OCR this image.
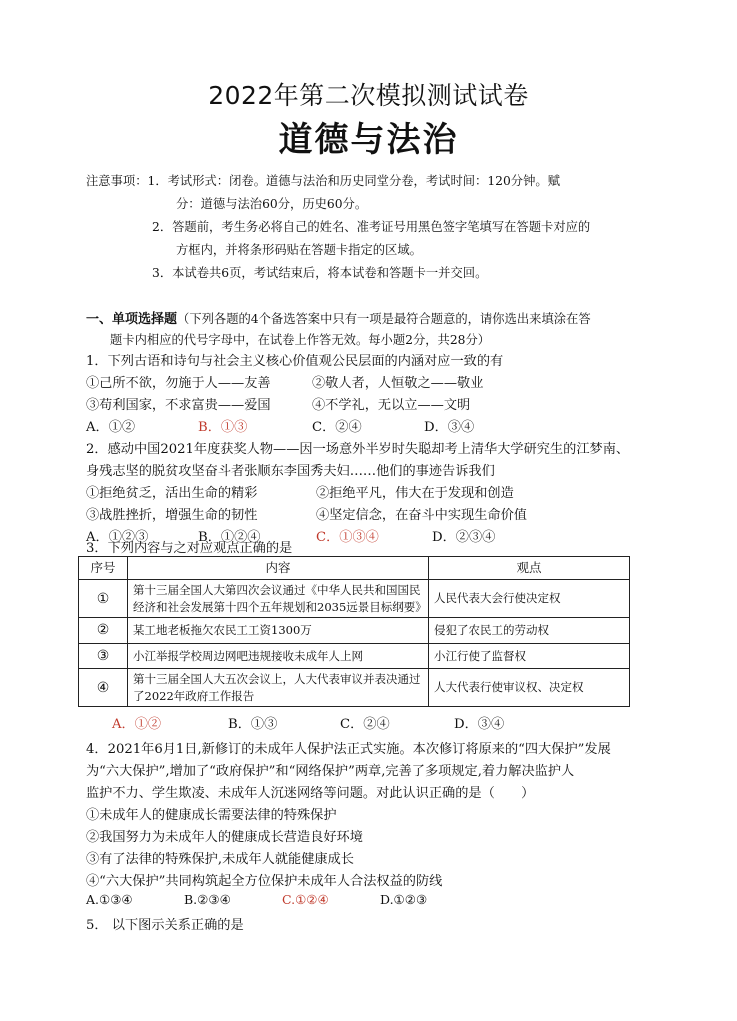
2022年第二次模拟测试试卷
道德与法治
注意事项：1．考试形式：闭卷。道德与法治和历史同堂分卷，考试时间：120分钟。赋
分：道德与法治60分，历史60分。
2．答题前，考生务必将自己的姓名、准考证号用黑色签字笔填写在答题卡对应的
方框内，并将条形码贴在答题卡指定的区域。
3．本试卷共6页，考试结束后，将本试卷和答题卡一并交回。
一、单项选择题（下列各题的4个备选答案中只有一项是最符合题意的，请你选出来填涂在答
题卡内相应的代号字母中，在试卷上作答无效。每小题2分，共28分）
1．下列古语和诗句与社会主义核心价值观公民层面的内涵对应一致的有
①己所不欲，勿施于人——友善	②敬人者，人恒敬之——敬业
③苟利国家，不求富贵——爱国	④不学礼，无以立——文明
A．①②	B．①③	C．②④	D．③④
2．感动中国2021年度获奖人物——因一场意外半岁时失聪却考上清华大学研究生的江梦南、
身残志坚的脱贫攻坚奋斗者张顺东李国秀夫妇……他们的事迹告诉我们
①拒绝贫乏，活出生命的精彩	②拒绝平凡，伟大在于发现和创造
③战胜挫折，增强生命的韧性	④坚定信念，在奋斗中实现生命价值
A．①②③	B．①②④	C．①③④	D．②③④
3．下列内容与之对应观点正确的是
序号	内容	观点
①	第十三届全国人大第四次会议通过《中华人民共和国国民经济和社会发展第十四个五年规划和2035远景目标纲要》	人民代表大会行使决定权
②	某工地老板拖欠农民工工资1300万	侵犯了农民工的劳动权
③	小江举报学校周边网吧违规接收未成年人上网	小江行使了监督权
④	第十三届全国人大五次会议上，人大代表审议并表决通过了2022年政府工作报告	人大代表行使审议权、决定权
A．①②	B．①③	C．②④	D．③④
4．2021年6月1日,新修订的未成年人保护法正式实施。本次修订将原来的“四大保护”发展
为“六大保护”,增加了“政府保护”和“网络保护”两章,完善了多项规定,着力解决监护人
监护不力、学生欺凌、未成年人沉迷网络等问题。对此认识正确的是（　　）
①未成年人的健康成长需要法律的特殊保护
②我国努力为未成年人的健康成长营造良好环境
③有了法律的特殊保护,未成年人就能健康成长
④“六大保护”共同构筑起全方位保护未成年人合法权益的防线
A.①③④	B.②③④	C.①②④	D.①②③
5． 以下图示关系正确的是
